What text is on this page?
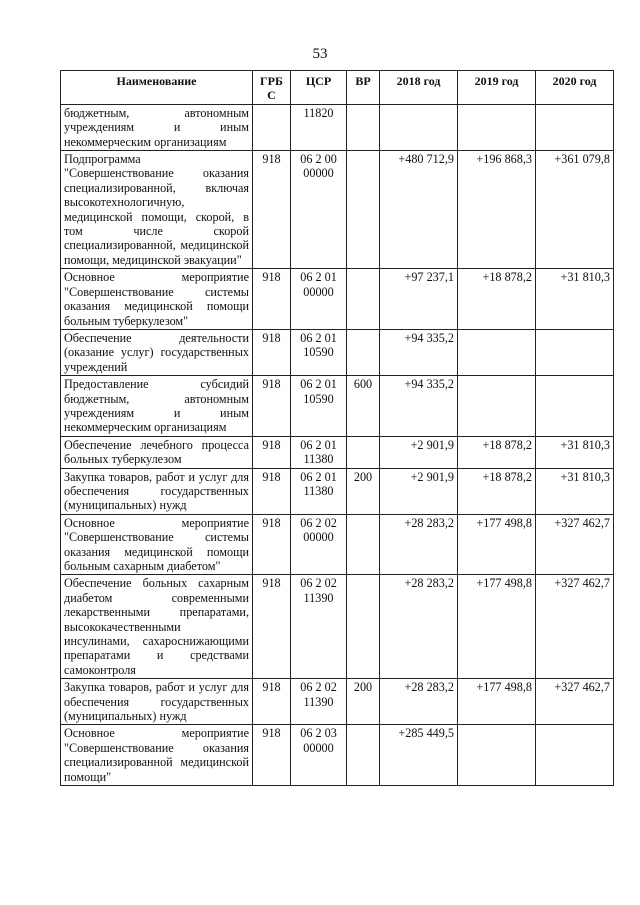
53
Наименование	ГРБ С	ЦСР	ВР	2018 год	2019 год	2020 год
бюджетным, автономным учреждениям и иным некоммерческим организациям		11820				
Подпрограмма "Совершенствование оказания специализированной, включая высокотехнологичную, медицинской помощи, скорой, в том числе скорой специализированной, медицинской помощи, медицинской эвакуации"	918	06 2 00 00000		+480 712,9	+196 868,3	+361 079,8
Основное мероприятие "Совершенствование системы оказания медицинской помощи больным туберкулезом"	918	06 2 01 00000		+97 237,1	+18 878,2	+31 810,3
Обеспечение деятельности (оказание услуг) государственных учреждений	918	06 2 01 10590		+94 335,2		
Предоставление субсидий бюджетным, автономным учреждениям и иным некоммерческим организациям	918	06 2 01 10590	600	+94 335,2		
Обеспечение лечебного процесса больных туберкулезом	918	06 2 01 11380		+2 901,9	+18 878,2	+31 810,3
Закупка товаров, работ и услуг для обеспечения государственных (муниципальных) нужд	918	06 2 01 11380	200	+2 901,9	+18 878,2	+31 810,3
Основное мероприятие "Совершенствование системы оказания медицинской помощи больным сахарным диабетом"	918	06 2 02 00000		+28 283,2	+177 498,8	+327 462,7
Обеспечение больных сахарным диабетом современными лекарственными препаратами, высококачественными инсулинами, сахароснижающими препаратами и средствами самоконтроля	918	06 2 02 11390		+28 283,2	+177 498,8	+327 462,7
Закупка товаров, работ и услуг для обеспечения государственных (муниципальных) нужд	918	06 2 02 11390	200	+28 283,2	+177 498,8	+327 462,7
Основное мероприятие "Совершенствование оказания специализированной медицинской помощи"	918	06 2 03 00000		+285 449,5		
